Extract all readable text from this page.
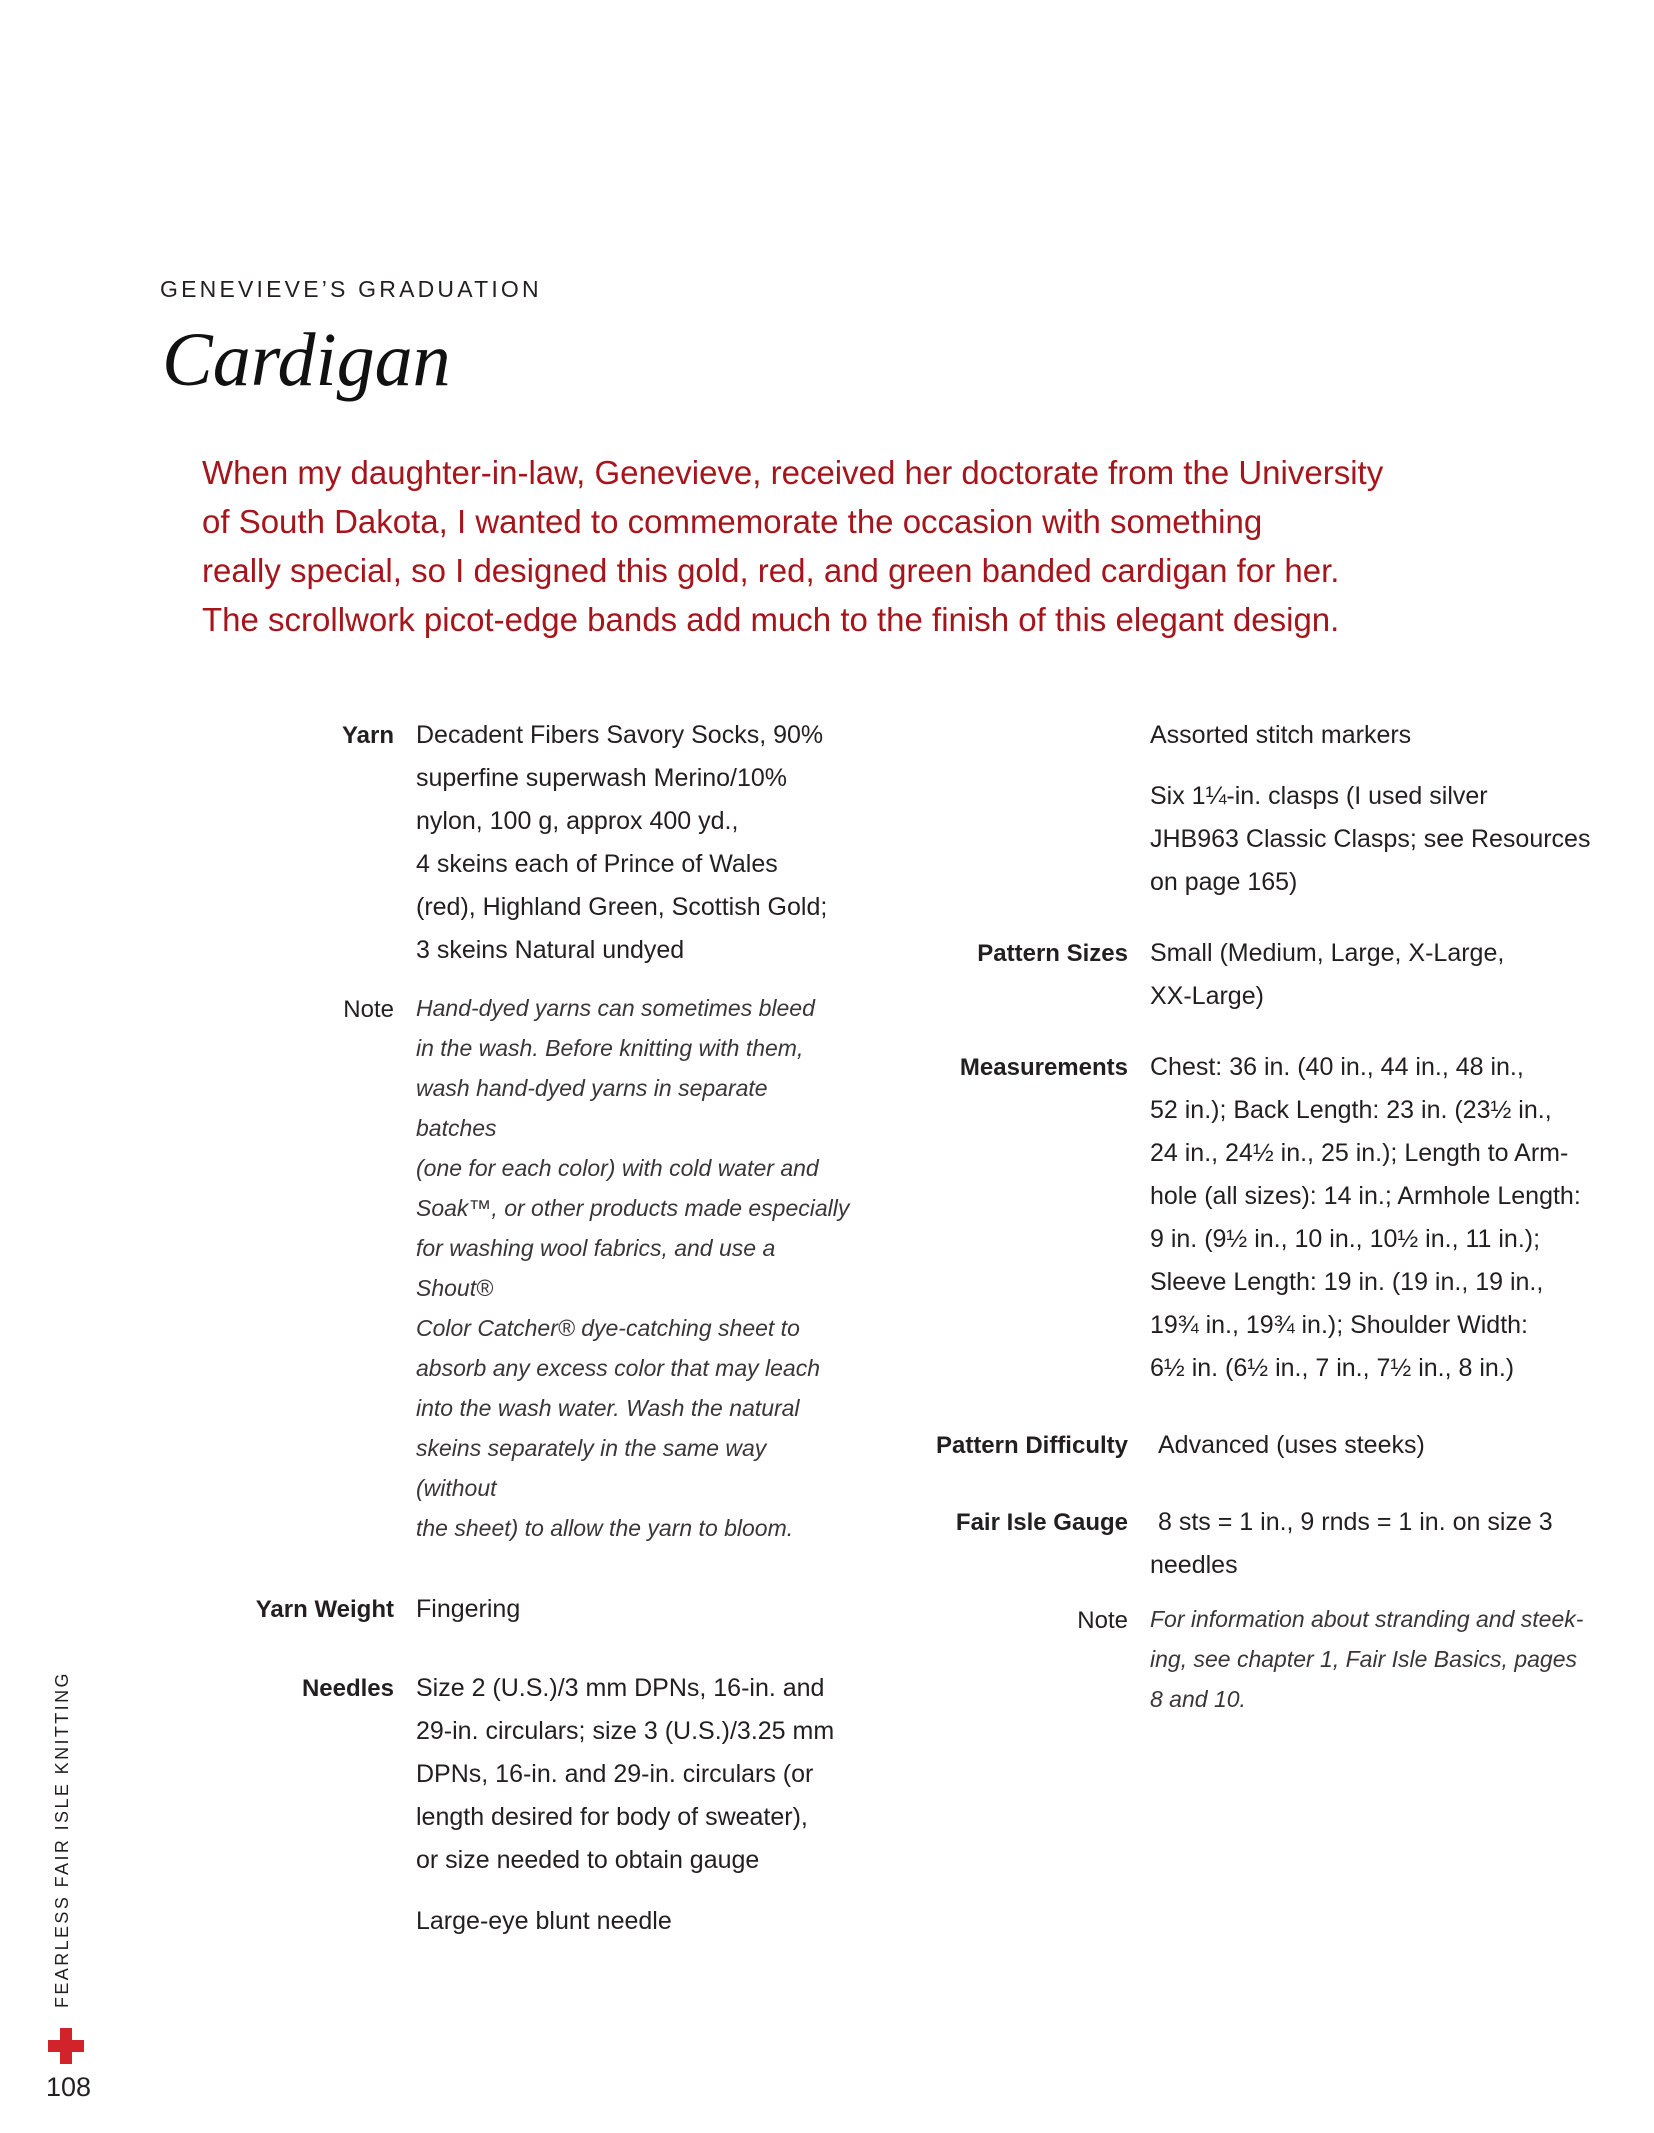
GENEVIEVE’S GRADUATION
Cardigan

When my daughter-in-law, Genevieve, received her doctorate from the University
of South Dakota, I wanted to commemorate the occasion with something
really special, so I designed this gold, red, and green banded cardigan for her.
The scrollwork picot-edge bands add much to the finish of this elegant design.

Yarn Decadent Fibers Savory Socks, 90%
superfine superwash Merino/10%
nylon, 100 g, approx 400 yd.,
4 skeins each of Prince of Wales
(red), Highland Green, Scottish Gold;
3 skeins Natural undyed
Note Hand-dyed yarns can sometimes bleed
in the wash. Before knitting with them,
wash hand-dyed yarns in separate batches
(one for each color) with cold water and
Soak™, or other products made especially
for washing wool fabrics, and use a Shout®
Color Catcher® dye-catching sheet to
absorb any excess color that may leach
into the wash water. Wash the natural
skeins separately in the same way (without
the sheet) to allow the yarn to bloom.
Yarn Weight Fingering
Needles Size 2 (U.S.)/3 mm DPNs, 16-in. and
29-in. circulars; size 3 (U.S.)/3.25 mm
DPNs, 16-in. and 29-in. circulars (or
length desired for body of sweater),
or size needed to obtain gauge
Large-eye blunt needle
Assorted stitch markers
Six 1¼-in. clasps (I used silver
JHB963 Classic Clasps; see Resources
on page 165)
Pattern Sizes Small (Medium, Large, X-Large,
XX-Large)
Measurements Chest: 36 in. (40 in., 44 in., 48 in.,
52 in.); Back Length: 23 in. (23½ in.,
24 in., 24½ in., 25 in.); Length to Arm-
hole (all sizes): 14 in.; Armhole Length:
9 in. (9½ in., 10 in., 10½ in., 11 in.);
Sleeve Length: 19 in. (19 in., 19 in.,
19¾ in., 19¾ in.); Shoulder Width:
6½ in. (6½ in., 7 in., 7½ in., 8 in.)
Pattern Difficulty	Advanced (uses steeks)
Fair Isle Gauge	8 sts = 1 in., 9 rnds = 1 in. on size 3
needles
Note For information about stranding and steek-
ing, see chapter 1, Fair Isle Basics, pages
8 and 10.
FEARLESS FAIR ISLE KNITTING
108
